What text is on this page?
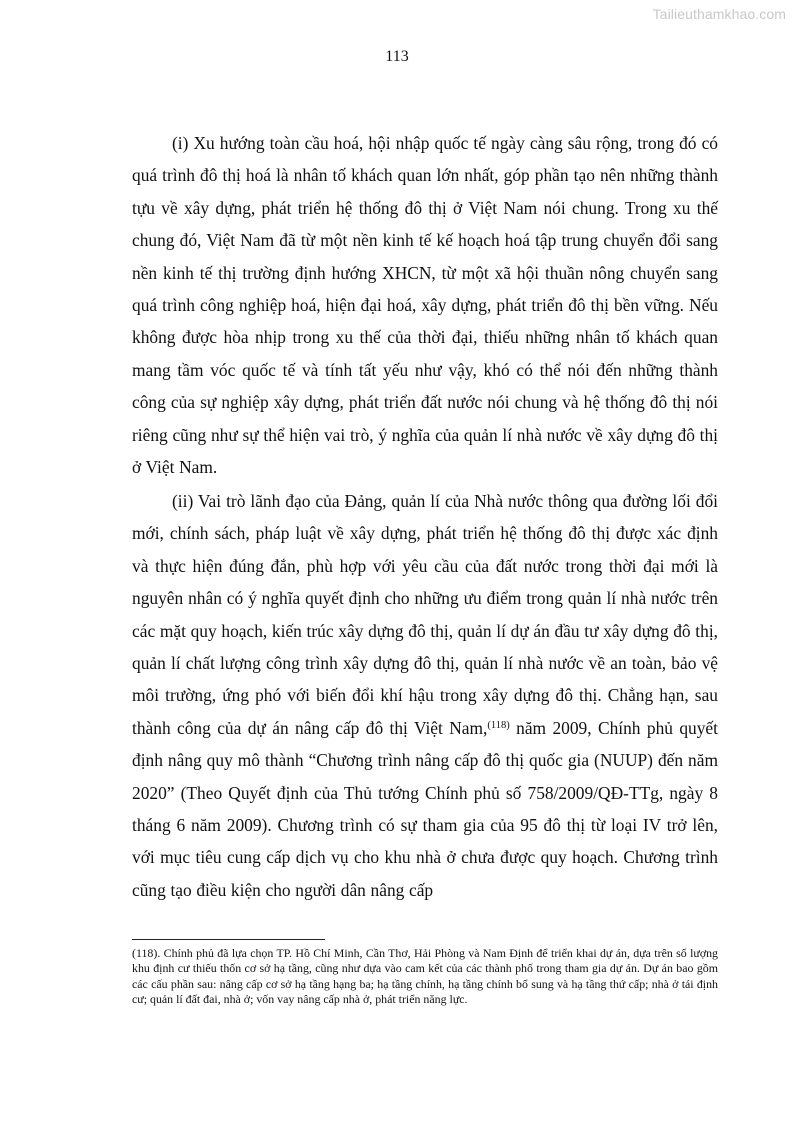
Tailieuthamkhao.com
113

(i) Xu hướng toàn cầu hoá, hội nhập quốc tế ngày càng sâu rộng, trong đó có quá trình đô thị hoá là nhân tố khách quan lớn nhất, góp phần tạo nên những thành tựu về xây dựng, phát triển hệ thống đô thị ở Việt Nam nói chung. Trong xu thế chung đó, Việt Nam đã từ một nền kinh tế kế hoạch hoá tập trung chuyển đổi sang nền kinh tế thị trường định hướng XHCN, từ một xã hội thuần nông chuyển sang quá trình công nghiệp hoá, hiện đại hoá, xây dựng, phát triển đô thị bền vững. Nếu không được hòa nhịp trong xu thế của thời đại, thiếu những nhân tố khách quan mang tầm vóc quốc tế và tính tất yếu như vậy, khó có thể nói đến những thành công của sự nghiệp xây dựng, phát triển đất nước nói chung và hệ thống đô thị nói riêng cũng như sự thể hiện vai trò, ý nghĩa của quản lí nhà nước về xây dựng đô thị ở Việt Nam.

(ii) Vai trò lãnh đạo của Đảng, quản lí của Nhà nước thông qua đường lối đổi mới, chính sách, pháp luật về xây dựng, phát triển hệ thống đô thị được xác định và thực hiện đúng đắn, phù hợp với yêu cầu của đất nước trong thời đại mới là nguyên nhân có ý nghĩa quyết định cho những ưu điểm trong quản lí nhà nước trên các mặt quy hoạch, kiến trúc xây dựng đô thị, quản lí dự án đầu tư xây dựng đô thị, quản lí chất lượng công trình xây dựng đô thị, quản lí nhà nước về an toàn, bảo vệ môi trường, ứng phó với biến đổi khí hậu trong xây dựng đô thị. Chẳng hạn, sau thành công của dự án nâng cấp đô thị Việt Nam,$^{(118)}$ năm 2009, Chính phủ quyết định nâng quy mô thành “Chương trình nâng cấp đô thị quốc gia (NUUP) đến năm 2020” (Theo Quyết định của Thủ tướng Chính phủ số 758/2009/QĐ-TTg, ngày 8 tháng 6 năm 2009). Chương trình có sự tham gia của 95 đô thị từ loại IV trở lên, với mục tiêu cung cấp dịch vụ cho khu nhà ở chưa được quy hoạch. Chương trình cũng tạo điều kiện cho người dân nâng cấp

(118). Chính phủ đã lựa chọn TP. Hồ Chí Minh, Cần Thơ, Hải Phòng và Nam Định để triển khai dự án, dựa trên số lượng khu định cư thiếu thốn cơ sở hạ tầng, cũng như dựa vào cam kết của các thành phố trong tham gia dự án. Dự án bao gồm các cấu phần sau: nâng cấp cơ sở hạ tầng hạng ba; hạ tầng chính, hạ tầng chính bổ sung và hạ tầng thứ cấp; nhà ở tái định cư; quản lí đất đai, nhà ở; vốn vay nâng cấp nhà ở, phát triển năng lực.
